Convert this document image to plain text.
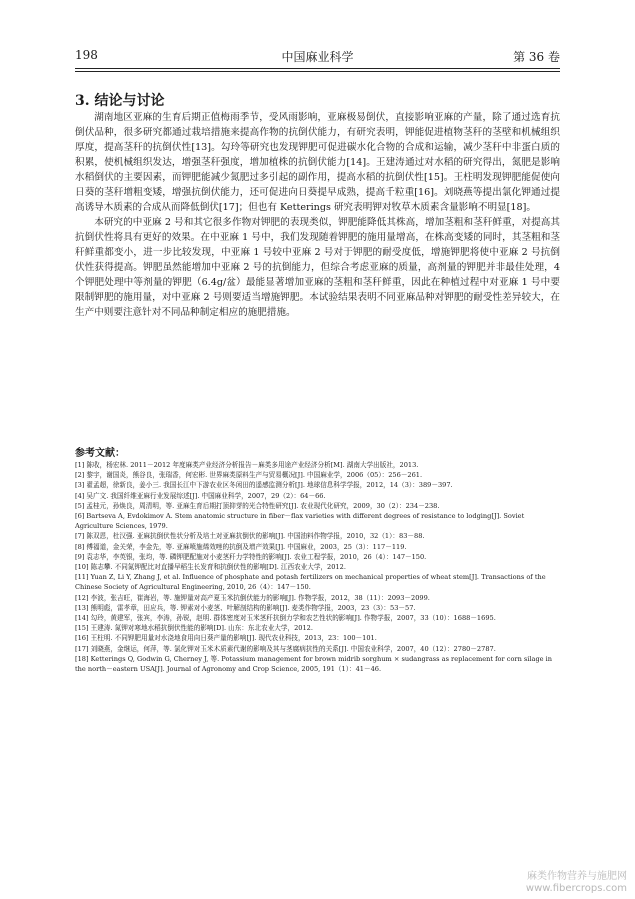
198	中国麻业科学	第 36 卷
3. 结论与讨论

湖南地区亚麻的生育后期正值梅雨季节，受风雨影响，亚麻极易倒伏，直接影响亚麻的产量，除了通过选育抗倒伏品种，很多研究都通过栽培措施来提高作物的抗倒伏能力，有研究表明，钾能促进植物茎秆的茎壁和机械组织厚度，提高茎秆的抗倒伏性[13]。勾玲等研究也发现钾肥可促进碳水化合物的合成和运输，减少茎秆中非蛋白质的积累，使机械组织发达，增强茎秆强度，增加植株的抗倒伏能力[14]。王建涛通过对水稻的研究得出，氮肥是影响水稻倒伏的主要因素，而钾肥能减少氮肥过多引起的副作用，提高水稻的抗倒伏性[15]。王柱明发现钾肥能促使向日葵的茎秆增粗变矮，增强抗倒伏能力，还可促进向日葵提早成熟，提高千粒重[16]。刘晓燕等提出氯化钾通过提高诱导木质素的合成从而降低倒伏[17]；但也有 Ketterings 研究表明钾对牧草木质素含量影响不明显[18]。

本研究的中亚麻 2 号和其它很多作物对钾肥的表现类似，钾肥能降低其株高，增加茎粗和茎秆鲜重，对提高其抗倒伏性将具有更好的效果。在中亚麻 1 号中，我们发现随着钾肥的施用量增高，在株高变矮的同时，其茎粗和茎秆鲜重都变小，进一步比较发现，中亚麻 1 号较中亚麻 2 号对于钾肥的耐受度低，增施钾肥将使中亚麻 2 号抗倒伏性获得提高。钾肥虽然能增加中亚麻 2 号的抗倒能力，但综合考虑亚麻的质量，高剂量的钾肥并非最佳处理，4 个钾肥处理中等剂量的钾肥（6.4g/盆）最能显著增加亚麻的茎粗和茎秆鲜重，因此在种植过程中对亚麻 1 号中要限制钾肥的施用量，对中亚麻 2 号则要适当增施钾肥。本试验结果表明不同亚麻品种对钾肥的耐受性差异较大，在生产中则要注意针对不同品种制定相应的施肥措施。

参考文献：

[1] 陈收，杨宏林. 2011－2012 年度麻类产业经济分析报告－麻类多用途产业经济分析[M]. 湖南大学出版社，2013.

[2] 黎宇，谢国炎，熊谷良，张瑞香，何宏彬. 世界麻类原料生产与贸易概况[J]. 中国麻业学，2006（05）：256－261.

[3] 翟孟超，徐新良，姜小三. 我国长江中下游农业区冬闲田的遥感监测分析[J]. 地球信息科学学报，2012，14（3）：389－397.

[4] 吴广文. 我国纤维亚麻行业发展综述[J]. 中国麻业科学，2007，29（2）：64－66.

[5] 孟桂元，孙焕良，周清明，等. 亚麻生育后期打顶抑芽的光合特性研究[J]. 农业现代化研究，2009，30（2）：234－238.

[6] Bartseva A, Evdokimov A. Stem anatomic structure in fiber－flax varieties with different degrees of resistance to lodging[J]. Soviet Agriculture Sciences, 1979.

[7] 陈双恩，杜汉强. 亚麻抗倒伏性状分析及培土对亚麻抗倒伏的影响[J]. 中国油料作物学报，2010，32（1）：83－88.

[8] 傅福道，金关荣，李金先，等. 亚麻喷施烯效唑的抗倒及增产效果[J]. 中国麻业，2003，25（3）：117－119.

[9] 袁志华，李英银，张均，等. 磷钾肥配施对小麦茎秆力学特性的影响[J]. 农业工程学报，2010，26（4）：147－150.

[10] 陈志攀. 不同氮钾配比对直播早稻生长发育和抗倒伏性的影响[D]. 江西农业大学，2012.

[11] Yuan Z, Li Y, Zhang J, et al. Influence of phosphate and potash fertilizers on mechanical properties of wheat stem[J]. Transactions of the Chinese Society of Agricultural Engineering, 2010, 26（4）：147－150.

[12] 李波，张吉旺，崔海岩，等. 施钾量对高产夏玉米抗倒伏能力的影响[J]. 作物学报，2012，38（11）：2093－2099.

[13] 熊明彪，雷孝章，田应兵，等. 钾素对小麦茎、叶解剖结构的影响[J]. 麦类作物学报，2003，23（3）：53－57.

[14] 勾玲，黄建军，张宾，李涛，孙锐，赵明. 群体密度对玉米茎秆抗倒力学和农艺性状的影响[J]. 作物学报，2007，33（10）：1688－1695.

[15] 王建涛. 氮钾对寒地水稻抗倒伏性能的影响[D]. 山东：东北农业大学，2012.

[16] 王柱明. 不同钾肥用量对水浇地食用向日葵产量的影响[J]. 现代农业科技，2013，23：100－101.

[17] 刘晓燕，金继运，何萍，等. 氯化钾对玉米木质素代谢的影响及其与茎腐病抗性的关系[J]. 中国农业科学，2007，40（12）：2780－2787.

[18] Ketterings Q, Godwin G, Cherney J, 等. Potassium management for brown midrib sorghum × sudangrass as replacement for corn silage in the north－eastern USA[J]. Journal of Agronomy and Crop Science, 2005, 191（1）：41－46.

麻类作物营养与施肥网
www.fibercrops.com
